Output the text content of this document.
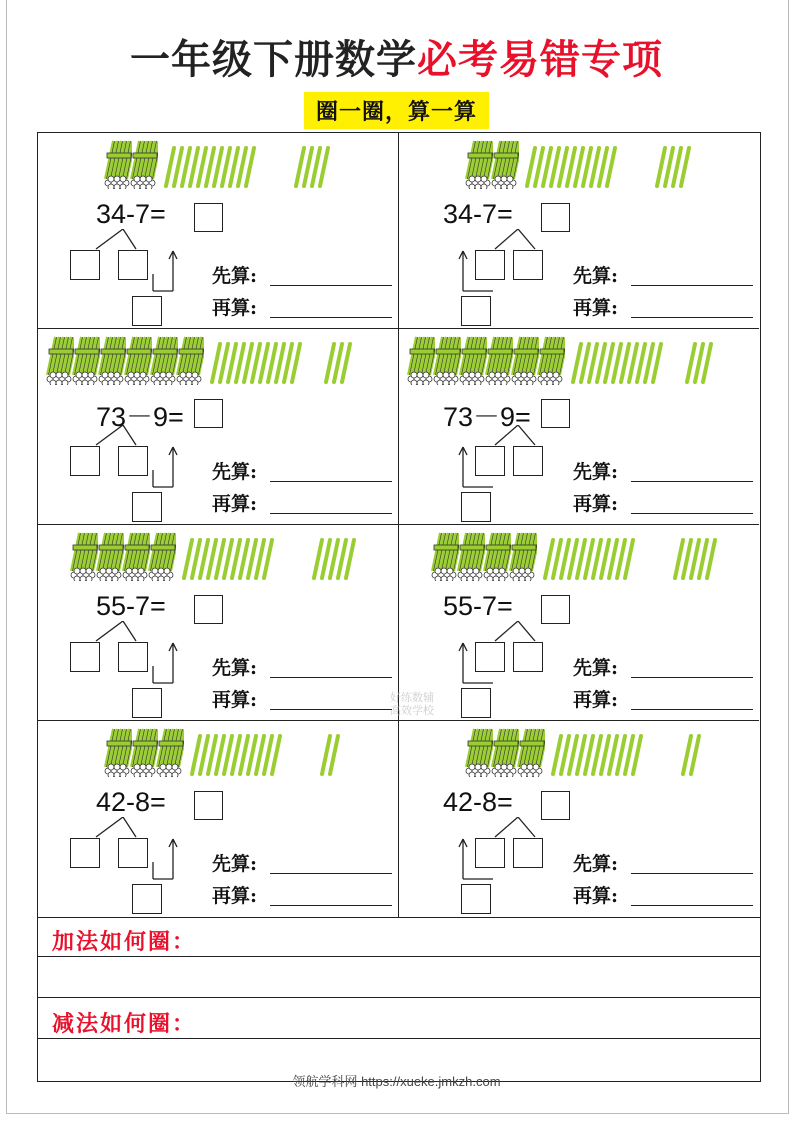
一年级下册数学必考易错专项
圈一圈，算一算
34-7=
先算:
再算:
34-7=
先算:
再算:
73－9=
先算:
再算:
73－9=
先算:
再算:
55-7=
先算:
再算:
55-7=
先算:
再算:
42-8=
先算:
再算:
42-8=
先算:
再算:
加法如何圈：
减法如何圈：
好练数辅
高效学校
领航学科网 https://xueke.jmkzh.com
